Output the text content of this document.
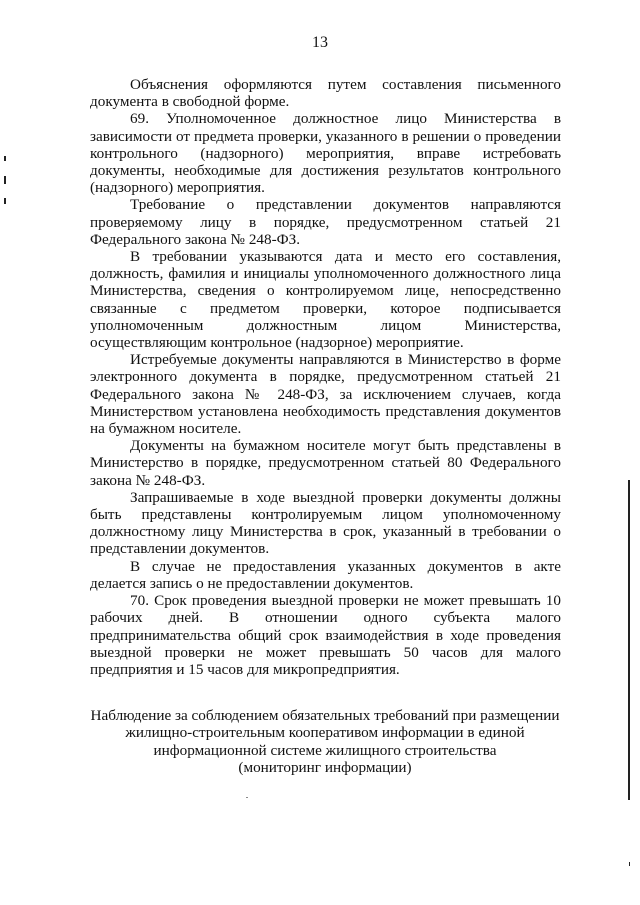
13

Объяснения оформляются путем составления письменного документа в свободной форме.

69. Уполномоченное должностное лицо Министерства в зависимости от предмета проверки, указанного в решении о проведении контрольного (надзорного) мероприятия, вправе истребовать документы, необходимые для достижения результатов контрольного (надзорного) мероприятия.

Требование о представлении документов направляются проверяемому лицу в порядке, предусмотренном статьей 21 Федерального закона № 248-ФЗ.

В требовании указываются дата и место его составления, должность, фамилия и инициалы уполномоченного должностного лица Министерства, сведения о контролируемом лице, непосредственно связанные с предметом проверки, которое подписывается уполномоченным должностным лицом Министерства, осуществляющим контрольное (надзорное) мероприятие.

Истребуемые документы направляются в Министерство в форме электронного документа в порядке, предусмотренном статьей 21 Федерального закона № 248-ФЗ, за исключением случаев, когда Министерством установлена необходимость представления документов на бумажном носителе.

Документы на бумажном носителе могут быть представлены в Министерство в порядке, предусмотренном статьей 80 Федерального закона № 248-ФЗ.

Запрашиваемые в ходе выездной проверки документы должны быть представлены контролируемым лицом уполномоченному должностному лицу Министерства в срок, указанный в требовании о представлении документов.

В случае не предоставления указанных документов в акте делается запись о не предоставлении документов.

70. Срок проведения выездной проверки не может превышать 10 рабочих дней. В отношении одного субъекта малого предпринимательства общий срок взаимодействия в ходе проведения выездной проверки не может превышать 50 часов для малого предприятия и 15 часов для микропредприятия.

Наблюдение за соблюдением обязательных требований при размещении
жилищно-строительным кооперативом информации в единой
информационной системе жилищного строительства
(мониторинг информации)
